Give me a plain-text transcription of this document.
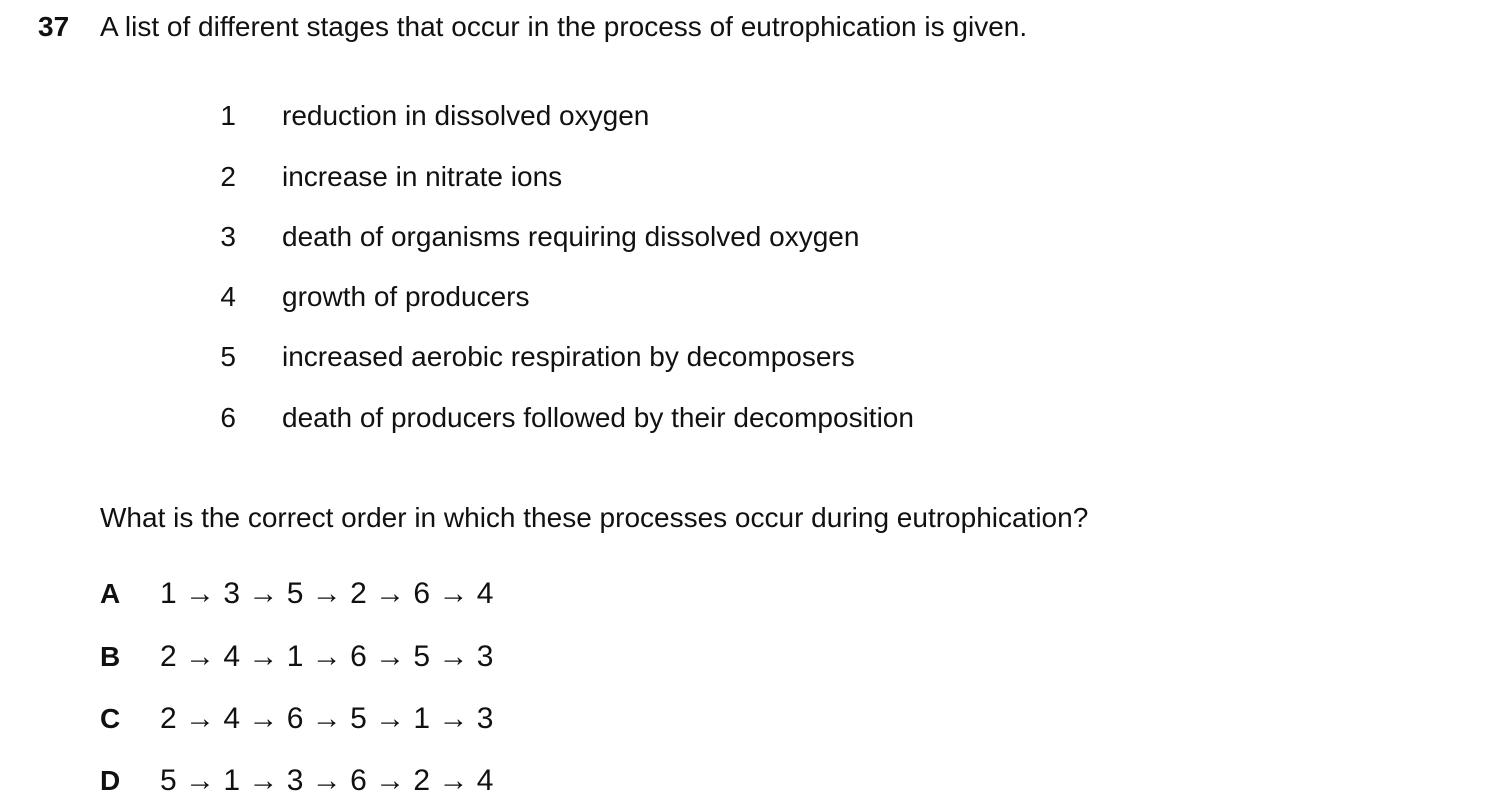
37 A list of different stages that occur in the process of eutrophication is given.
1 reduction in dissolved oxygen
2 increase in nitrate ions
3 death of organisms requiring dissolved oxygen
4 growth of producers
5 increased aerobic respiration by decomposers
6 death of producers followed by their decomposition
What is the correct order in which these processes occur during eutrophication?
A 1 → 3 → 5 → 2 → 6 → 4
B 2 → 4 → 1 → 6 → 5 → 3
C 2 → 4 → 6 → 5 → 1 → 3
D 5 → 1 → 3 → 6 → 2 → 4
